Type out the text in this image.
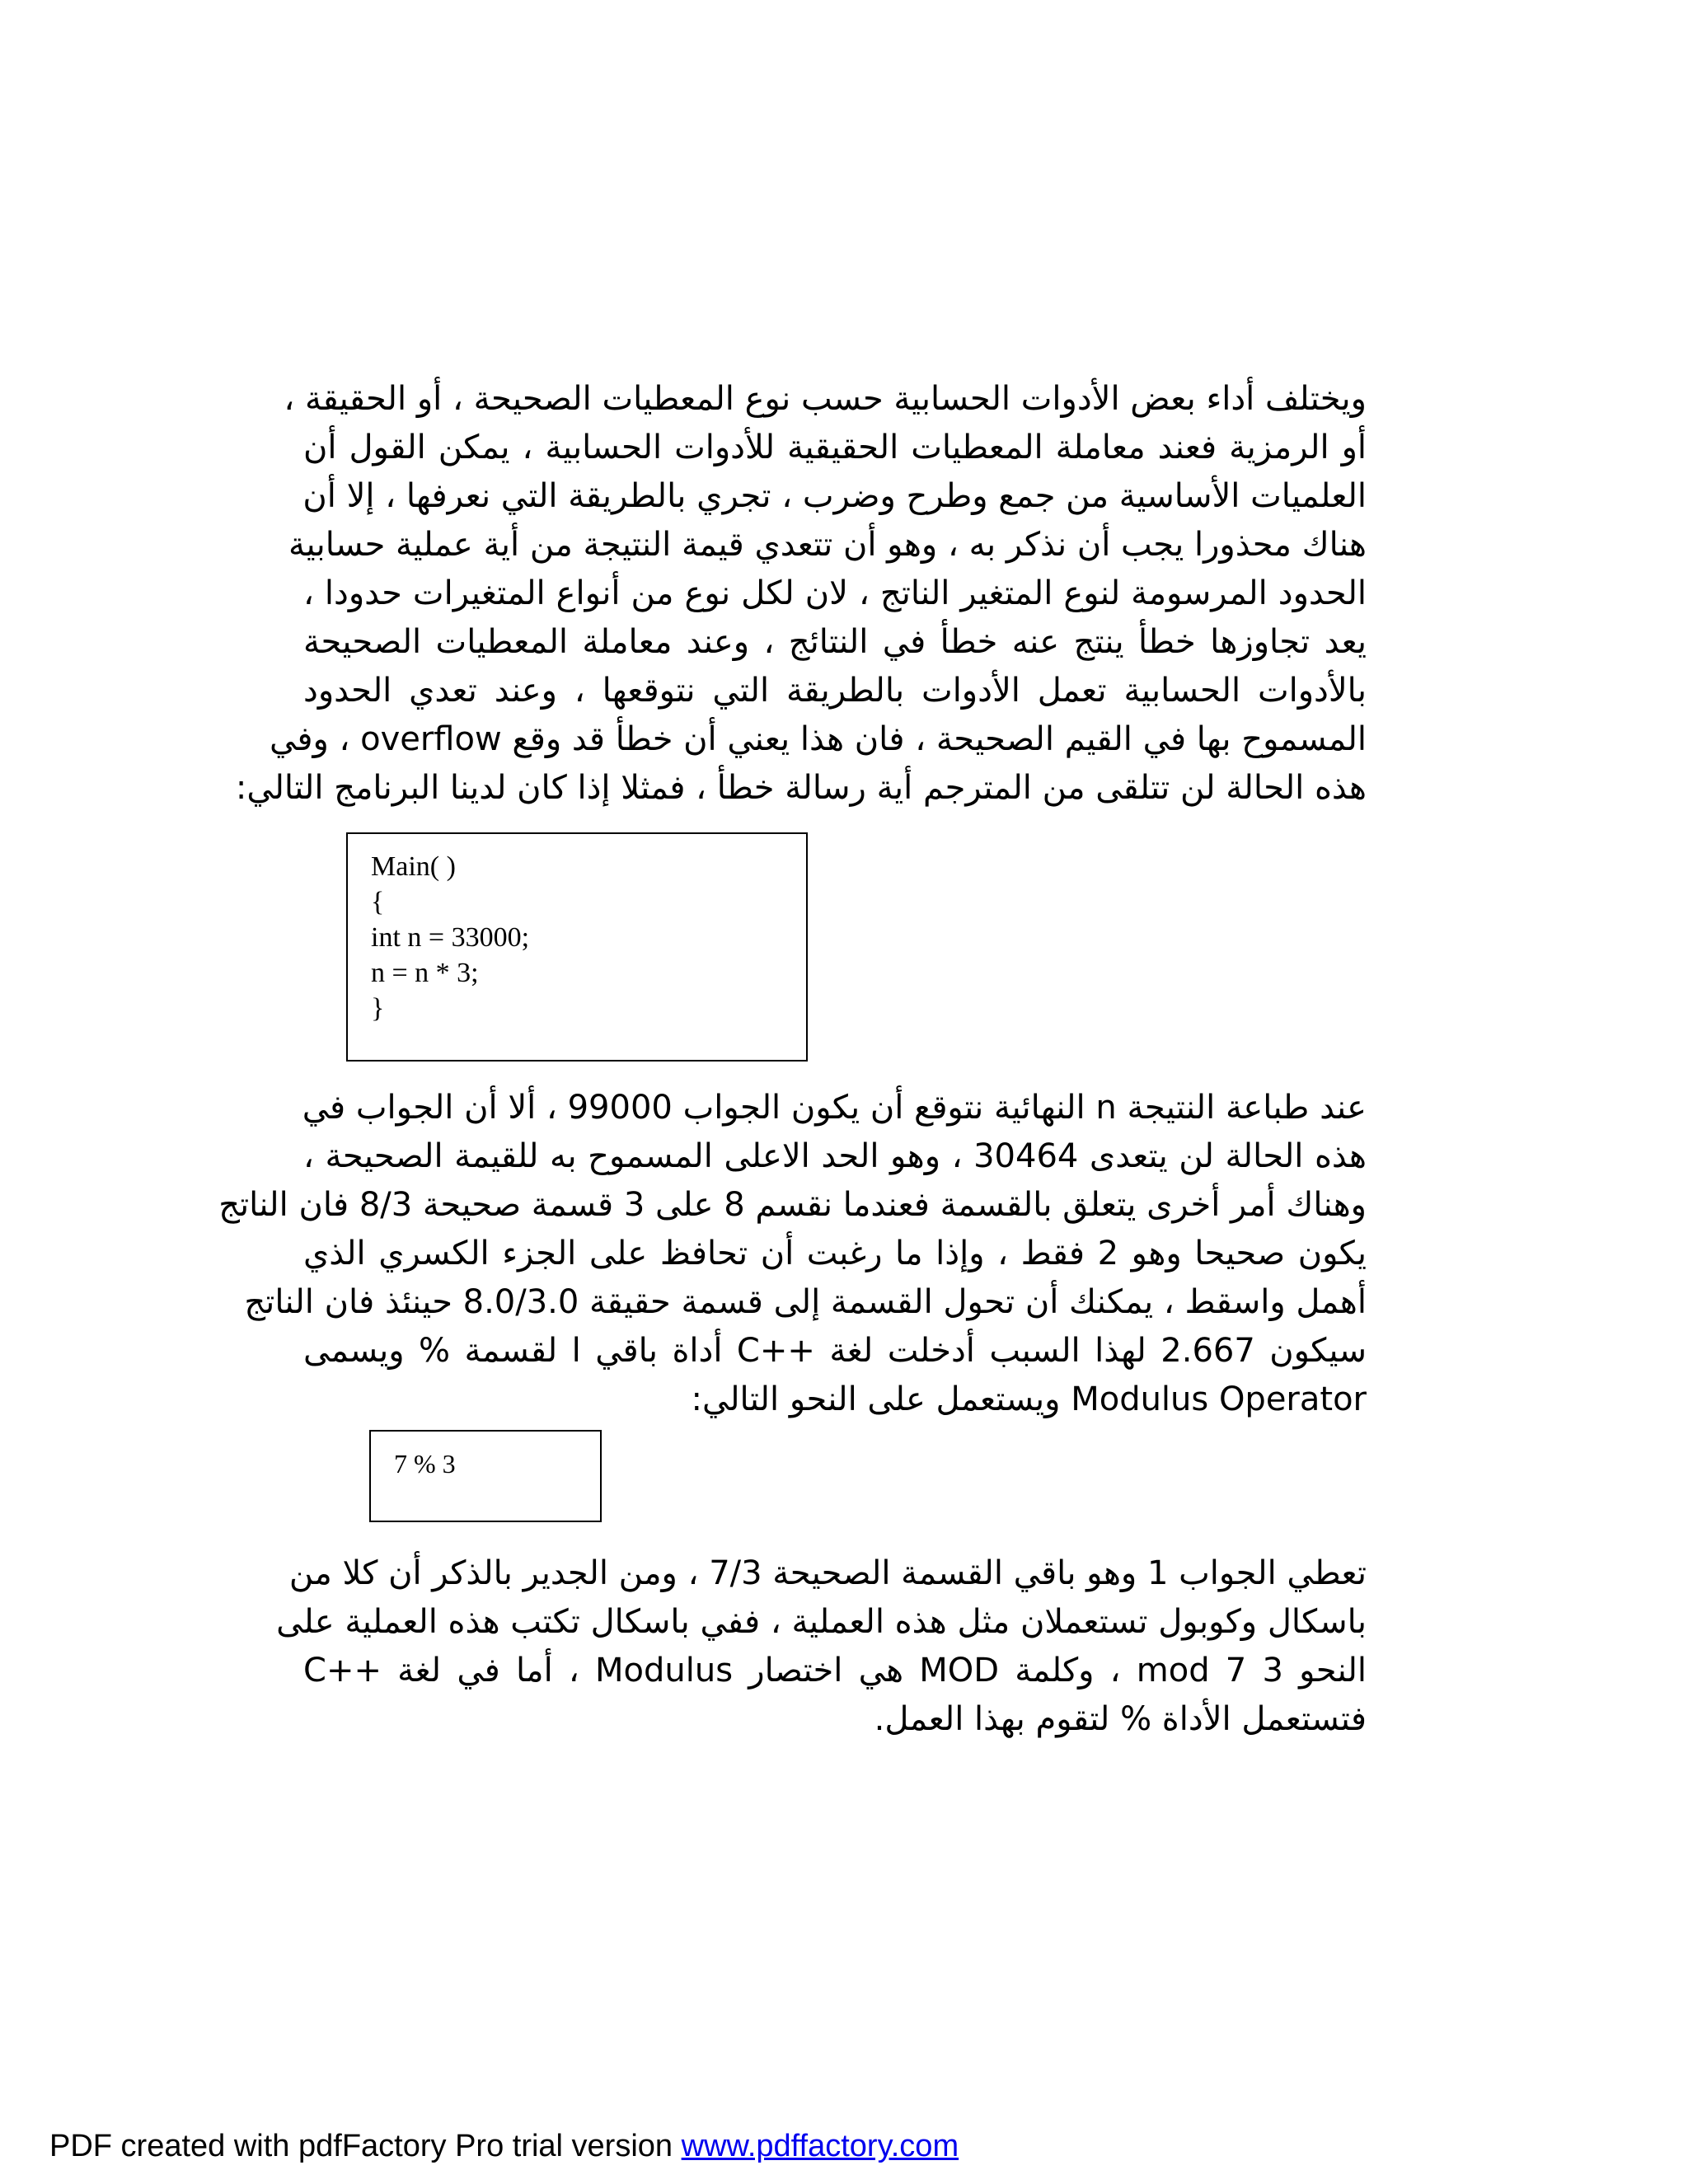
ويختلف أداء بعض الأدوات الحسابية حسب نوع المعطيات الصحيحة ، أو الحقيقة ،
أو الرمزية فعند معاملة المعطيات الحقيقية للأدوات الحسابية ، يمكن القول أن
العلميات الأساسية من جمع وطرح وضرب ، تجري بالطريقة التي نعرفها ، إلا أن
هناك محذورا يجب أن نذكر به ، وهو أن تتعدي قيمة النتيجة من أية عملية حسابية
الحدود المرسومة لنوع المتغير الناتج ، لان لكل نوع من أنواع المتغيرات حدودا ،
يعد تجاوزها خطأ ينتج عنه خطأ في النتائج ، وعند معاملة المعطيات الصحيحة
بالأدوات الحسابية تعمل الأدوات بالطريقة التي نتوقعها ، وعند تعدي الحدود
المسموح بها في القيم الصحيحة ، فان هذا يعني أن خطأ قد وقع overflow ، وفي
هذه الحالة لن تتلقى من المترجم أية رسالة خطأ ، فمثلا إذا كان لدينا البرنامج التالي:
Main( )
{
int n = 33000;
n = n * 3;
}
عند طباعة النتيجة n النهائية نتوقع أن يكون الجواب 99000 ، ألا أن الجواب في
هذه الحالة لن يتعدى 30464 ، وهو الحد الاعلى المسموح به للقيمة الصحيحة ،
وهناك أمر أخرى يتعلق بالقسمة فعندما نقسم 8 على 3 قسمة صحيحة 8/3 فان الناتج
يكون صحيحا وهو 2 فقط ، وإذا ما رغبت أن تحافظ على الجزء الكسري الذي
أهمل واسقط ، يمكنك أن تحول القسمة إلى قسمة حقيقة 8.0/3.0 حينئذ فان الناتج
سيكون 2.667 لهذا السبب أدخلت لغة ++C أداة باقي ا لقسمة % ويسمى
Modulus Operator ويستعمل على النحو التالي:
7 % 3
تعطي الجواب 1 وهو باقي القسمة الصحيحة 7/3 ، ومن الجدير بالذكر أن كلا من
باسكال وكوبول تستعملان مثل هذه العملية ، ففي باسكال تكتب هذه العملية على
النحو 3 mod 7 ، وكلمة MOD هي اختصار Modulus ، أما في لغة ++C
فتستعمل الأداة % لتقوم بهذا العمل.
PDF created with pdfFactory Pro trial version www.pdffactory.com
